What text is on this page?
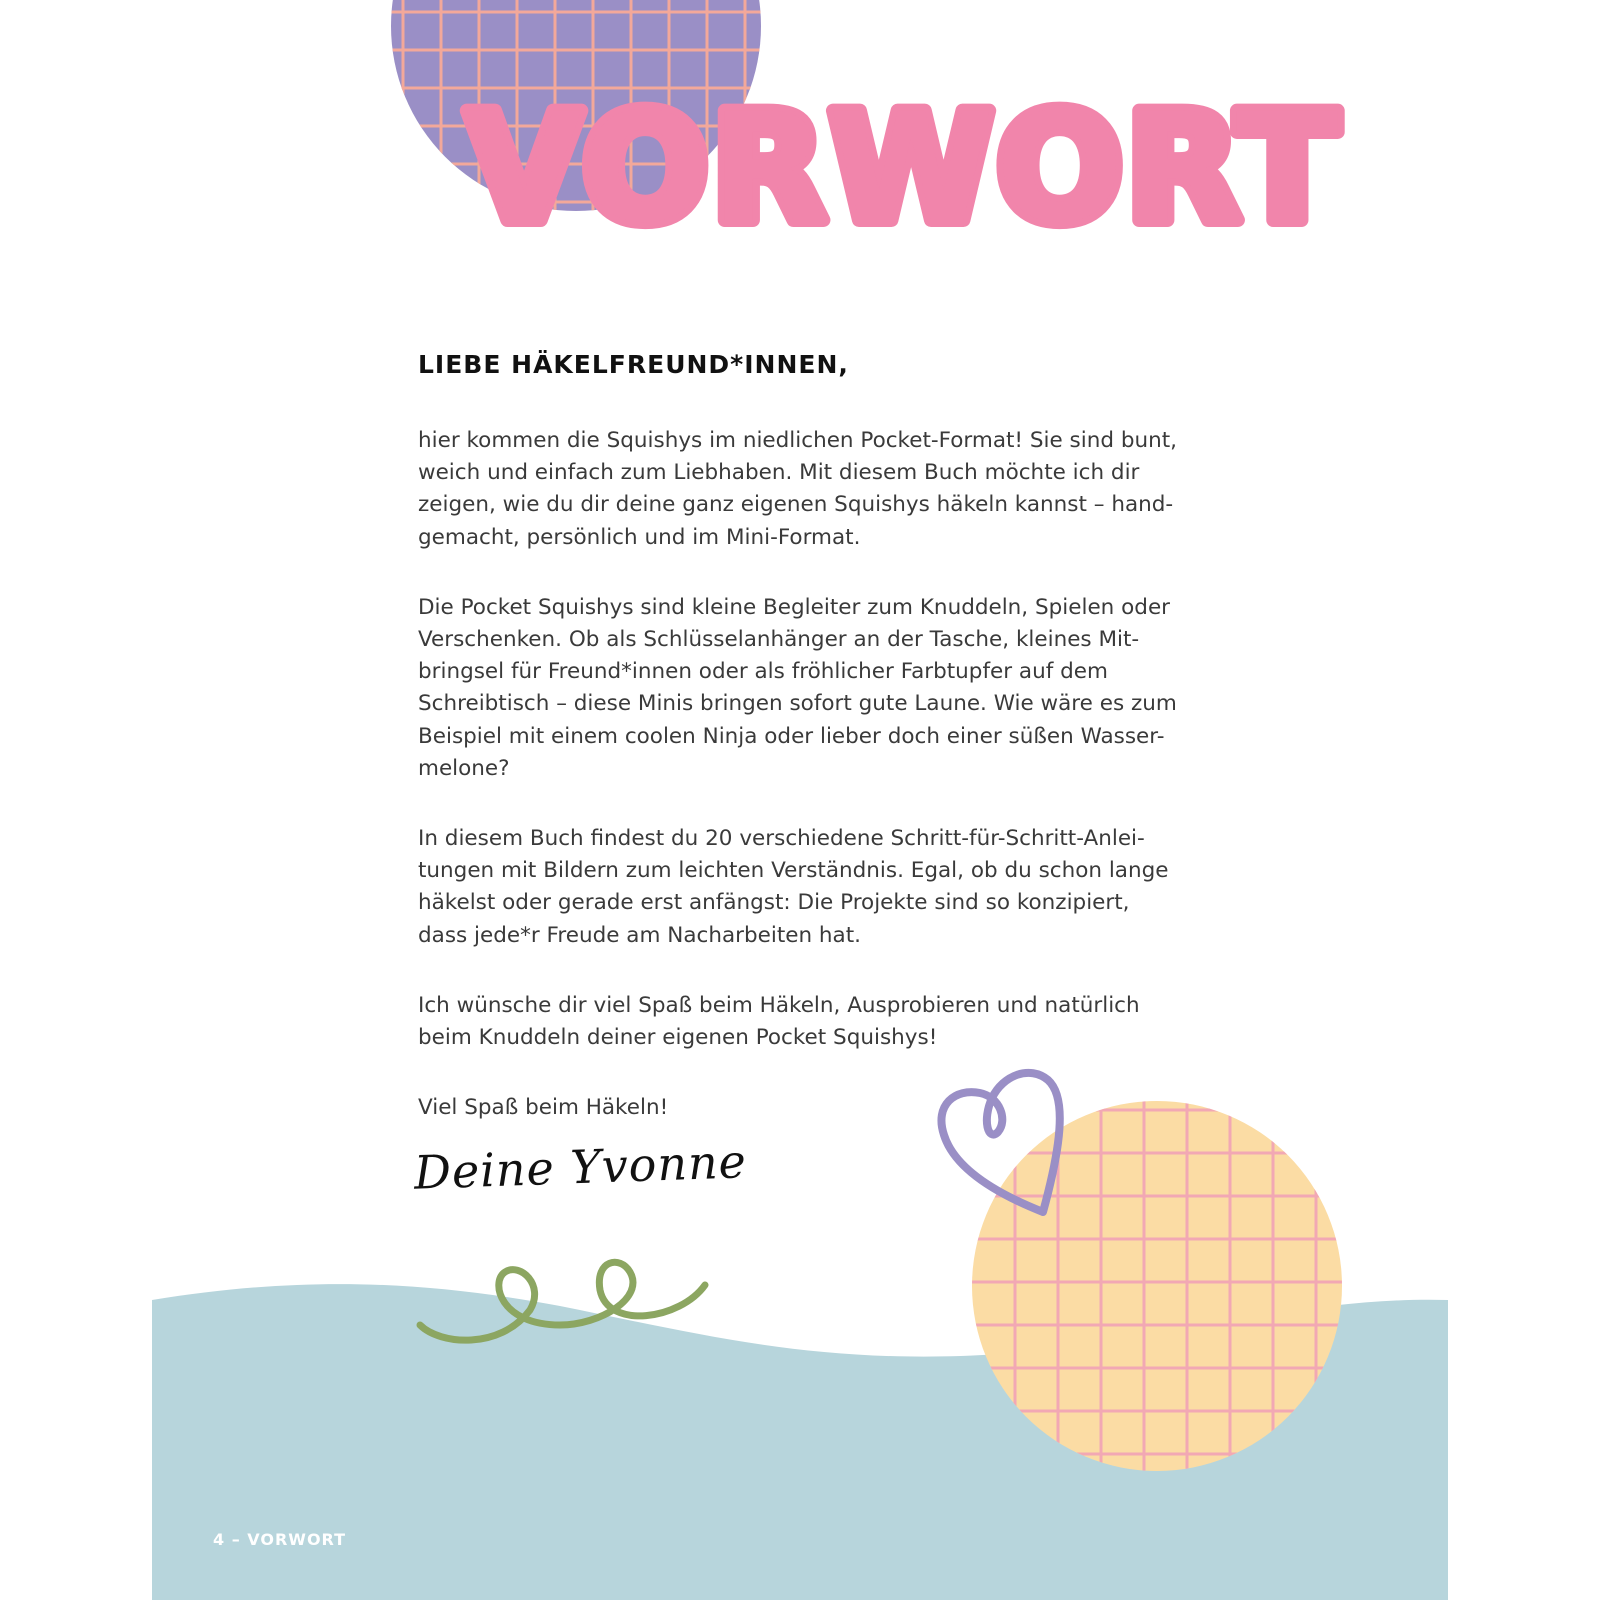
VORWORT
LIEBE HÄKELFREUND*INNEN,

hier kommen die Squishys im niedlichen Pocket-Format! Sie sind bunt,
weich und einfach zum Liebhaben. Mit diesem Buch möchte ich dir
zeigen, wie du dir deine ganz eigenen Squishys häkeln kannst – hand-
gemacht, persönlich und im Mini-Format.

Die Pocket Squishys sind kleine Begleiter zum Knuddeln, Spielen oder
Verschenken. Ob als Schlüsselanhänger an der Tasche, kleines Mit-
bringsel für Freund*innen oder als fröhlicher Farbtupfer auf dem
Schreibtisch – diese Minis bringen sofort gute Laune. Wie wäre es zum
Beispiel mit einem coolen Ninja oder lieber doch einer süßen Wasser-
melone?

In diesem Buch findest du 20 verschiedene Schritt-für-Schritt-Anlei-
tungen mit Bildern zum leichten Verständnis. Egal, ob du schon lange
häkelst oder gerade erst anfängst: Die Projekte sind so konzipiert,
dass jede*r Freude am Nacharbeiten hat.

Ich wünsche dir viel Spaß beim Häkeln, Ausprobieren und natürlich
beim Knuddeln deiner eigenen Pocket Squishys!

Viel Spaß beim Häkeln!

Deine Yvonne
4 – VORWORT
